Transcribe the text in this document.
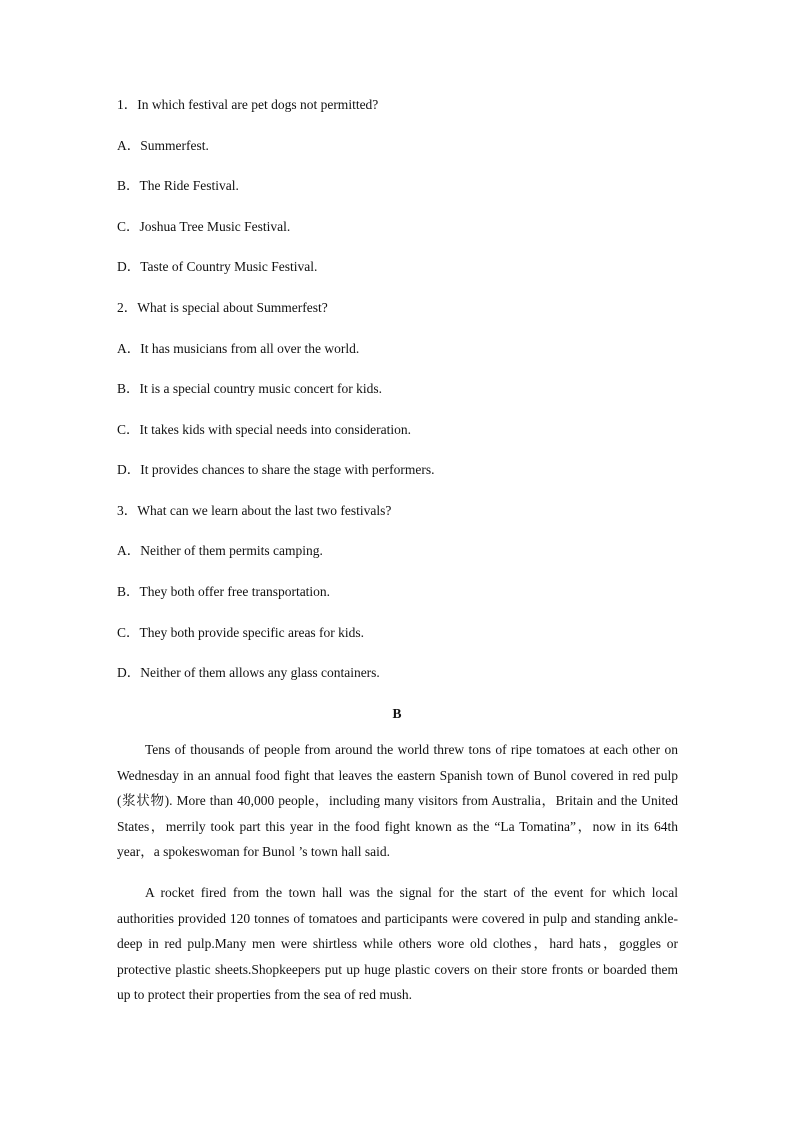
1．In which festival are pet dogs not permitted?
A．Summerfest.
B．The Ride Festival.
C．Joshua Tree Music Festival.
D．Taste of Country Music Festival.
2．What is special about Summerfest?
A．It has musicians from all over the world.
B．It is a special country music concert for kids.
C．It takes kids with special needs into consideration.
D．It provides chances to share the stage with performers.
3．What can we learn about the last two festivals?
A．Neither of them permits camping.
B．They both offer free transportation.
C．They both provide specific areas for kids.
D．Neither of them allows any glass containers.
B
Tens of thousands of people from around the world threw tons of ripe tomatoes at each other on Wednesday in an annual food fight that leaves the eastern Spanish town of Bunol covered in red pulp (浆状物). More than 40,000 people，including many visitors from Australia，Britain and the United States，merrily took part this year in the food fight known as the “La Tomatina”，now in its 64th year，a spokeswoman for Bunol ’s town hall said.
A rocket fired from the town hall was the signal for the start of the event for which local authorities provided 120 tonnes of tomatoes and participants were covered in pulp and standing ankle-deep in red pulp.Many men were shirtless while others wore old clothes，hard hats，goggles or protective plastic sheets.Shopkeepers put up huge plastic covers on their store fronts or boarded them up to protect their properties from the sea of red mush.
